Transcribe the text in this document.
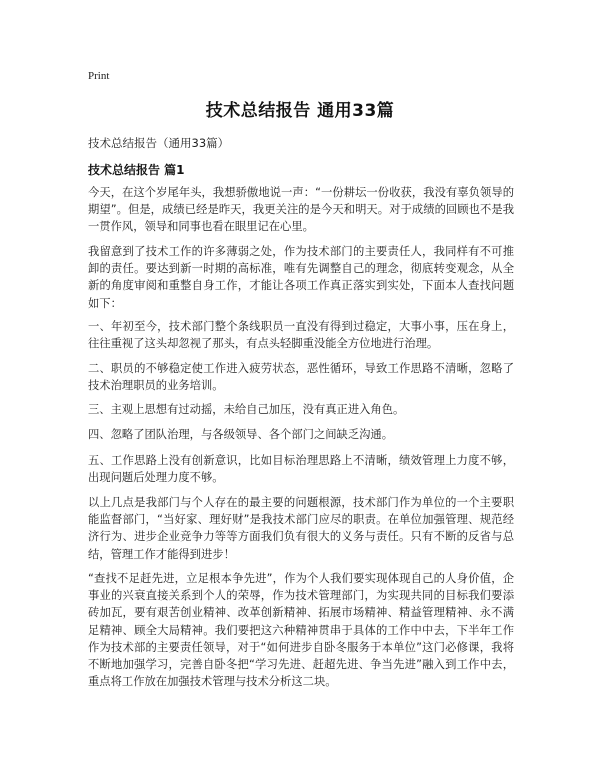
Print
技术总结报告 通用33篇
技术总结报告（通用33篇）
技术总结报告 篇1

今天，在这个岁尾年头，我想骄傲地说一声：“一份耕坛一份收获，我没有辜负领导的期望”。但是，成绩已经是昨天，我更关注的是今天和明天。对于成绩的回顾也不是我一贯作风，领导和同事也看在眼里记在心里。

我留意到了技术工作的许多薄弱之处，作为技术部门的主要责任人，我同样有不可推卸的责任。要达到新一时期的高标准，唯有先调整自己的理念，彻底转变观念，从全新的角度审阅和重整自身工作，才能让各项工作真正落实到实处，下面本人查找问题如下：

一、年初至今，技术部门整个条线职员一直没有得到过稳定，大事小事，压在身上，往往重视了这头却忽视了那头，有点头轻脚重没能全方位地进行治理。

二、职员的不够稳定使工作进入疲劳状态，恶性循环，导致工作思路不清晰，忽略了技术治理职员的业务培训。

三、主观上思想有过动摇，未给自己加压，没有真正进入角色。

四、忽略了团队治理，与各级领导、各个部门之间缺乏沟通。

五、工作思路上没有创新意识，比如目标治理思路上不清晰，绩效管理上力度不够，出现问题后处理力度不够。

以上几点是我部门与个人存在的最主要的问题根源，技术部门作为单位的一个主要职能监督部门，“当好家、理好财”是我技术部门应尽的职责。在单位加强管理、规范经济行为、进步企业竞争力等等方面我们负有很大的义务与责任。只有不断的反省与总结，管理工作才能得到进步！

“查找不足赶先进，立足根本争先进”，作为个人我们要实现体现自己的人身价值，企事业的兴衰直接关系到个人的荣辱，作为技术管理部门，为实现共同的目标我们要添砖加瓦，要有艰苦创业精神、改革创新精神、拓展市场精神、精益管理精神、永不满足精神、顾全大局精神。我们要把这六种精神贯串于具体的工作中中去，下半年工作作为技术部的主要责任领导，对于“如何进步自卧冬服务于本单位”这门必修课，我将不断地加强学习，完善自卧冬把“学习先进、赶超先进、争当先进”融入到工作中去，重点将工作放在加强技术管理与技术分析这二块。
